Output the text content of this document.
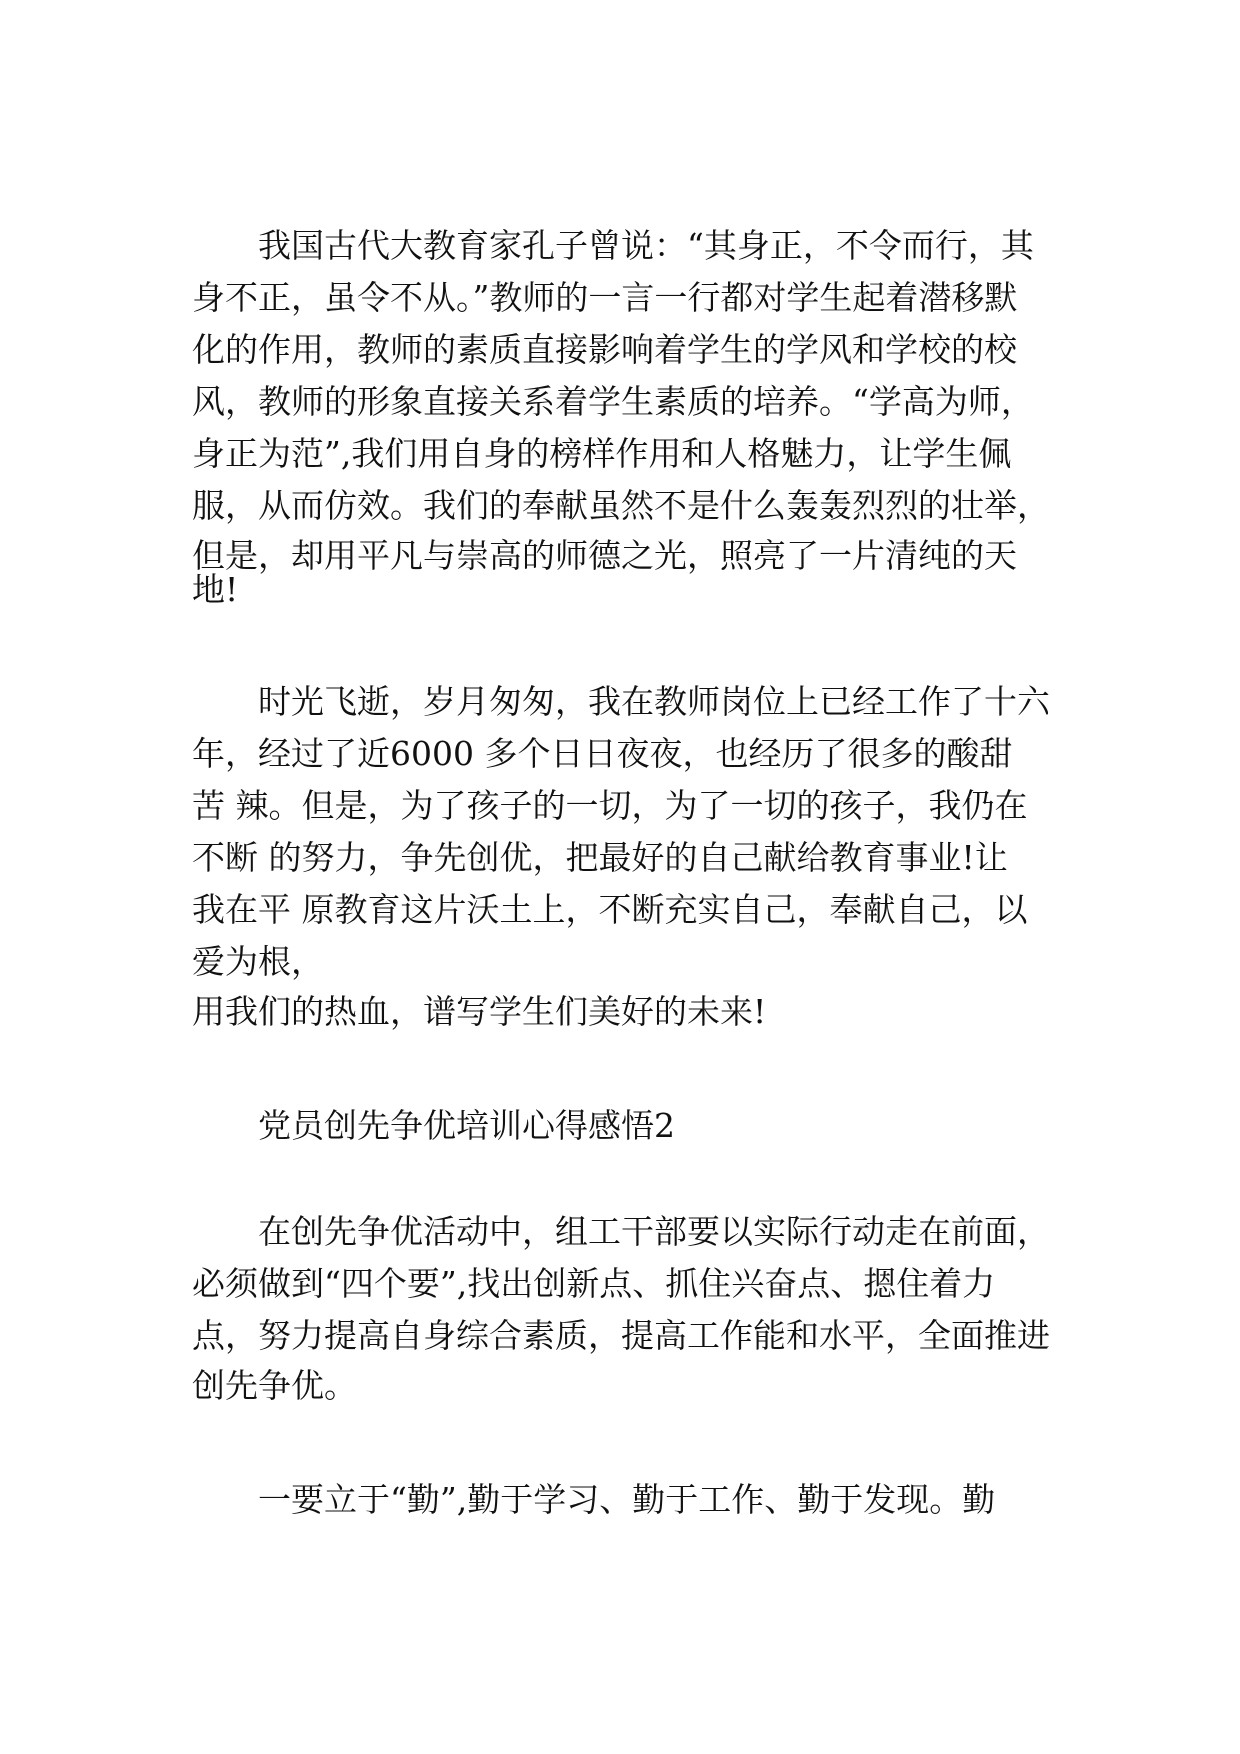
我国古代大教育家孔子曾说：“其身正，不令而行，其
身不正，虽令不从。”教师的一言一行都对学生起着潜移默
化的作用，教师的素质直接影响着学生的学风和学校的校
风，教师的形象直接关系着学生素质的培养。“学高为师，
身正为范”,我们用自身的榜样作用和人格魅力，让学生佩
服，从而仿效。我们的奉献虽然不是什么轰轰烈烈的壮举，
但是，却用平凡与崇高的师德之光，照亮了一片清纯的天
地!
时光飞逝，岁月匆匆，我在教师岗位上已经工作了十六
年，经过了近6000 多个日日夜夜，也经历了很多的酸甜
苦 辣。但是，为了孩子的一切，为了一切的孩子，我仍在
不断 的努力，争先创优，把最好的自己献给教育事业!让
我在平 原教育这片沃土上，不断充实自己，奉献自己，以
爱为根，
用我们的热血，谱写学生们美好的未来!
党员创先争优培训心得感悟2
在创先争优活动中，组工干部要以实际行动走在前面，
必须做到“四个要”,找出创新点、抓住兴奋点、摁住着力
点，努力提高自身综合素质，提高工作能和水平，全面推进
创先争优。
一要立于“勤”,勤于学习、勤于工作、勤于发现。勤
